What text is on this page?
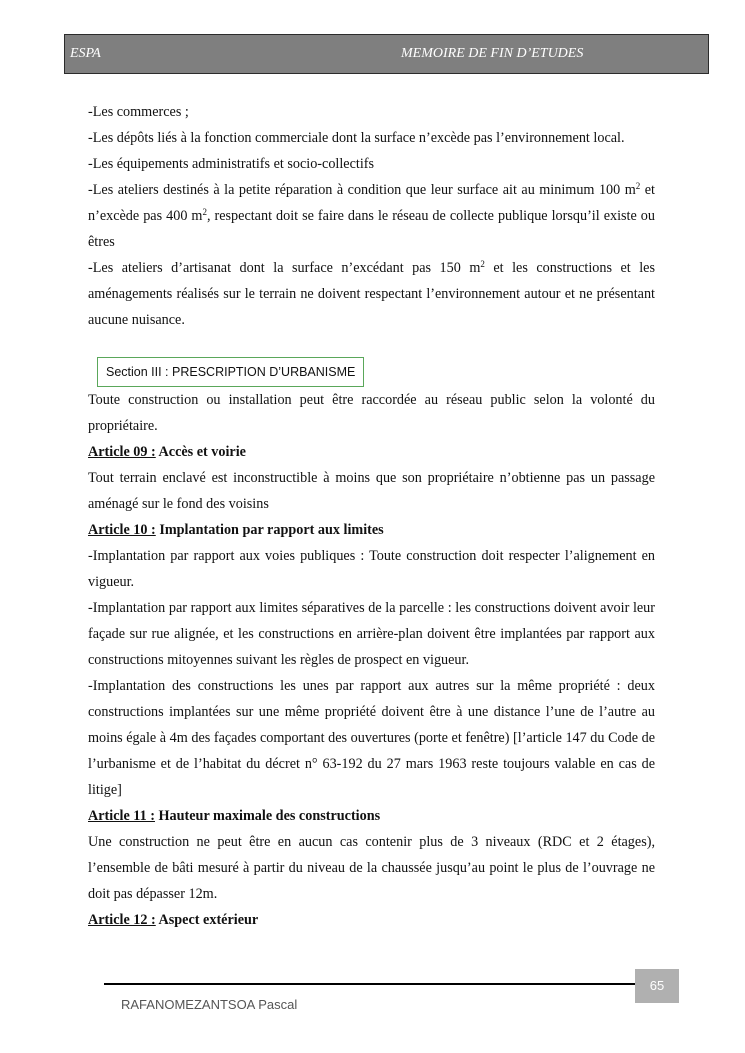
ESPA	MEMOIRE DE FIN D’ETUDES

-Les commerces ;

-Les dépôts liés à la fonction commerciale dont la surface n’excède pas l’environnement local.

-Les équipements administratifs et socio-collectifs

-Les ateliers destinés à la petite réparation à condition que leur surface ait au minimum 100 $m^2$ et n’excède pas 400 $m^2$, respectant doit se faire dans le réseau de collecte publique lorsqu’il existe ou êtres

-Les ateliers d’artisanat dont la surface n’excédant pas 150 $m^2$ et les constructions et les aménagements réalisés sur le terrain ne doivent respectant l’environnement autour et ne présentant aucune nuisance.

Section III : PRESCRIPTION D’URBANISME

Toute construction ou installation peut être raccordée au réseau public selon la volonté du propriétaire.

Article 09 : Accès et voirie

Tout terrain enclavé est inconstructible à moins que son propriétaire n’obtienne pas un passage aménagé sur le fond des voisins

Article 10 : Implantation par rapport aux limites

-Implantation par rapport aux voies publiques : Toute construction doit respecter l’alignement en vigueur.

-Implantation par rapport aux limites séparatives de la parcelle : les constructions doivent avoir leur façade sur rue alignée, et les constructions en arrière-plan doivent être implantées par rapport aux constructions mitoyennes suivant les règles de prospect en vigueur.

-Implantation des constructions les unes par rapport aux autres sur la même propriété : deux constructions implantées sur une même propriété doivent être à une distance l’une de l’autre au moins égale à 4m des façades comportant des ouvertures (porte et fenêtre) [l’article 147 du Code de l’urbanisme et de l’habitat du décret n° 63-192 du 27 mars 1963 reste toujours valable en cas de litige]

Article 11 : Hauteur maximale des constructions

Une construction ne peut être en aucun cas contenir plus de 3 niveaux (RDC et 2 étages), l’ensemble de bâti mesuré à partir du niveau de la chaussée jusqu’au point le plus de l’ouvrage ne doit pas dépasser 12m.

Article 12 : Aspect extérieur

65
RAFANOMEZANTSOA Pascal
